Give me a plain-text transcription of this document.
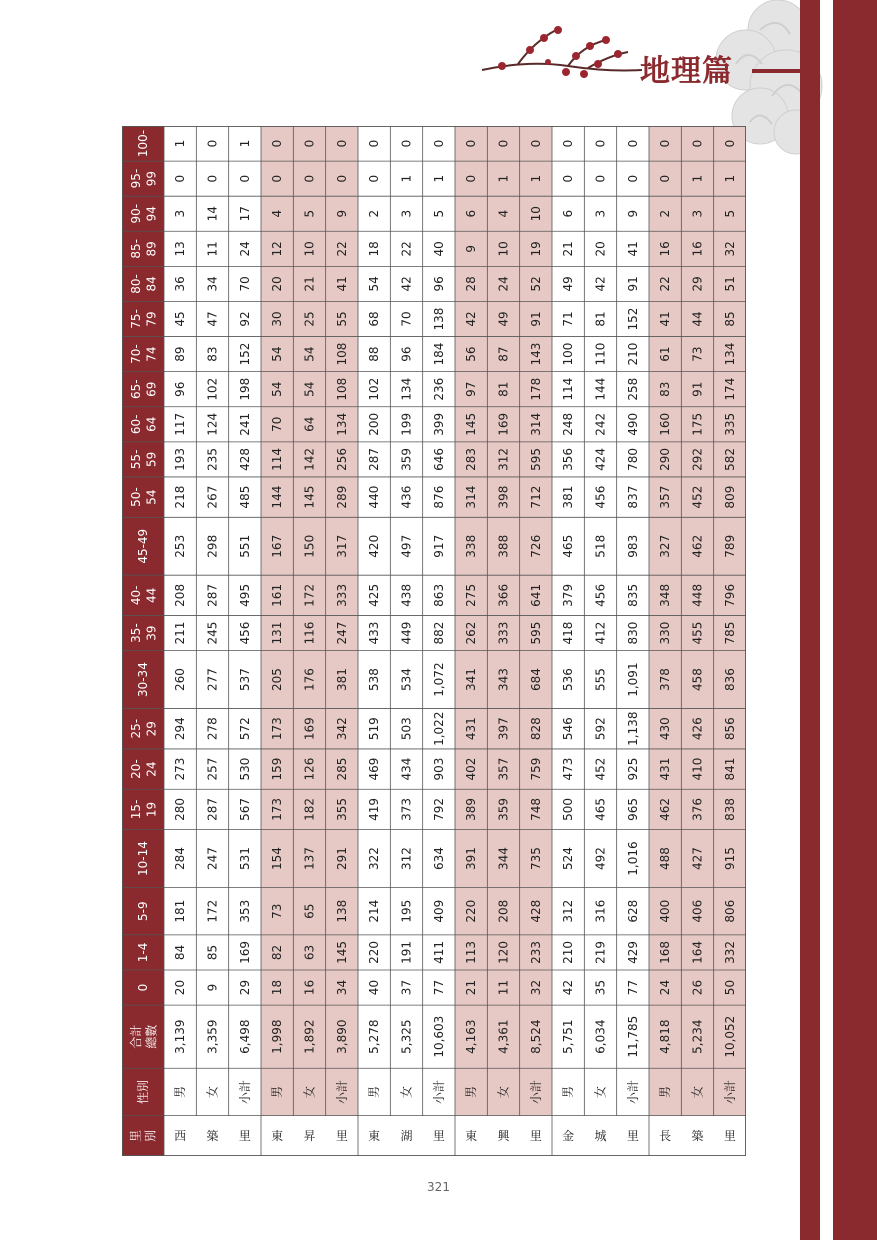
地理篇
里 別
性別
合計 總數
0
1-4
5-9
10-14
15- 19
20- 24
25- 29
30-34
35- 39
40- 44
45-49
50- 54
55- 59
60- 64
65- 69
70- 74
75- 79
80- 84
85- 89
90- 94
95- 99
100-
西 築 里
男
3,139
20
84
181
284
280
273
294
260
211
208
253
218
193
117
96
89
45
36
13
3
0
1
女
3,359
9
85
172
247
287
257
278
277
245
287
298
267
235
124
102
83
47
34
11
14
0
0
小計
6,498
29
169
353
531
567
530
572
537
456
495
551
485
428
241
198
152
92
70
24
17
0
1
東 昇 里
男
1,998
18
82
73
154
173
159
173
205
131
161
167
144
114
70
54
54
30
20
12
4
0
0
女
1,892
16
63
65
137
182
126
169
176
116
172
150
145
142
64
54
54
25
21
10
5
0
0
小計
3,890
34
145
138
291
355
285
342
381
247
333
317
289
256
134
108
108
55
41
22
9
0
0
東 湖 里
男
5,278
40
220
214
322
419
469
519
538
433
425
420
440
287
200
102
88
68
54
18
2
0
0
女
5,325
37
191
195
312
373
434
503
534
449
438
497
436
359
199
134
96
70
42
22
3
1
0
小計
10,603
77
411
409
634
792
903
1,022
1,072
882
863
917
876
646
399
236
184
138
96
40
5
1
0
東 興 里
男
4,163
21
113
220
391
389
402
431
341
262
275
338
314
283
145
97
56
42
28
9
6
0
0
女
4,361
11
120
208
344
359
357
397
343
333
366
388
398
312
169
81
87
49
24
10
4
1
0
小計
8,524
32
233
428
735
748
759
828
684
595
641
726
712
595
314
178
143
91
52
19
10
1
0
金 城 里
男
5,751
42
210
312
524
500
473
546
536
418
379
465
381
356
248
114
100
71
49
21
6
0
0
女
6,034
35
219
316
492
465
452
592
555
412
456
518
456
424
242
144
110
81
42
20
3
0
0
小計
11,785
77
429
628
1,016
965
925
1,138
1,091
830
835
983
837
780
490
258
210
152
91
41
9
0
0
長 築 里
男
4,818
24
168
400
488
462
431
430
378
330
348
327
357
290
160
83
61
41
22
16
2
0
0
女
5,234
26
164
406
427
376
410
426
458
455
448
462
452
292
175
91
73
44
29
16
3
1
0
小計
10,052
50
332
806
915
838
841
856
836
785
796
789
809
582
335
174
134
85
51
32
5
1
0
321
